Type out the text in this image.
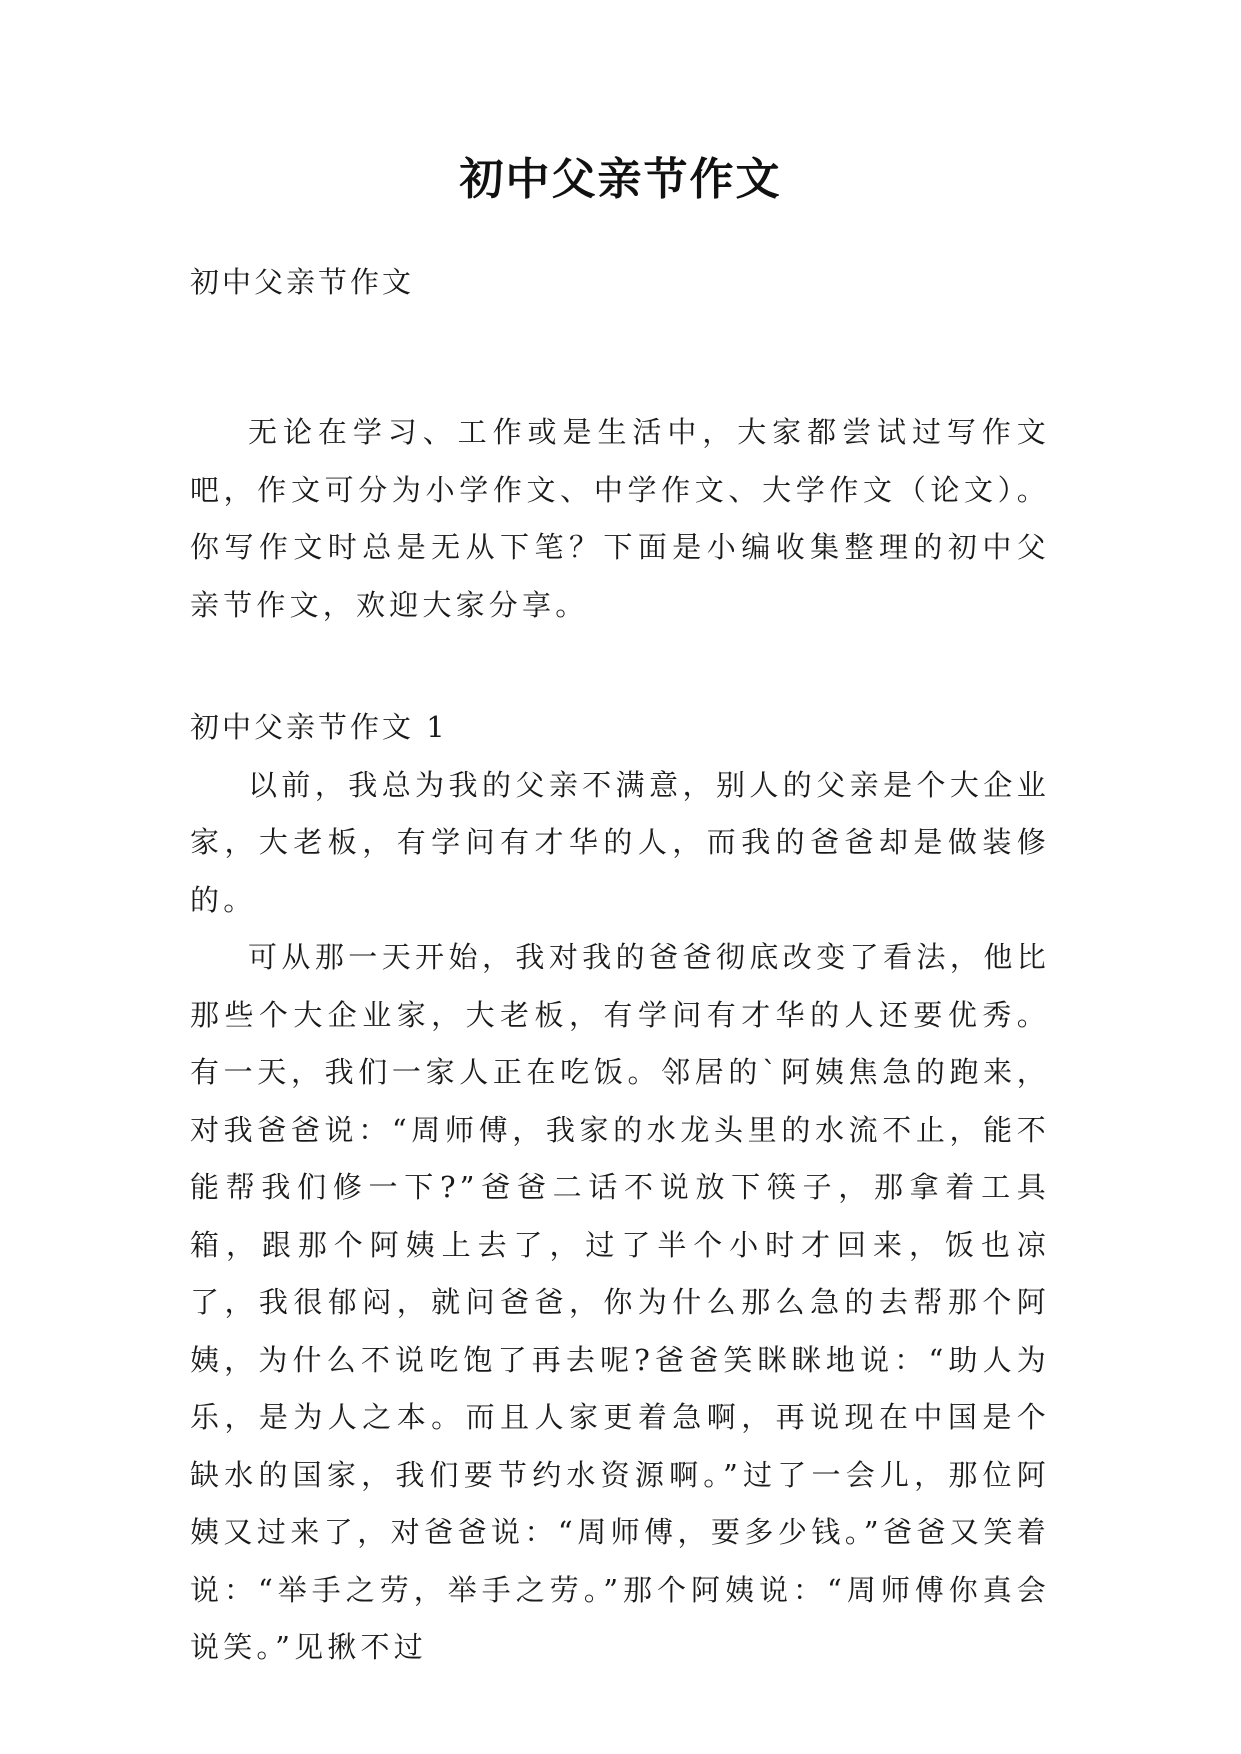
初中父亲节作文

初中父亲节作文

无论在学习、工作或是生活中，大家都尝试过写作文吧，作文可分为小学作文、中学作文、大学作文（论文）。你写作文时总是无从下笔？下面是小编收集整理的初中父亲节作文，欢迎大家分享。

初中父亲节作文 1

以前，我总为我的父亲不满意，别人的父亲是个大企业家，大老板，有学问有才华的人，而我的爸爸却是做装修的。

可从那一天开始，我对我的爸爸彻底改变了看法，他比那些个大企业家，大老板，有学问有才华的人还要优秀。有一天，我们一家人正在吃饭。邻居的`阿姨焦急的跑来，对我爸爸说：“周师傅，我家的水龙头里的水流不止，能不能帮我们修一下?”爸爸二话不说放下筷子，那拿着工具箱，跟那个阿姨上去了，过了半个小时才回来，饭也凉了，我很郁闷，就问爸爸，你为什么那么急的去帮那个阿姨，为什么不说吃饱了再去呢?爸爸笑眯眯地说：“助人为乐，是为人之本。而且人家更着急啊，再说现在中国是个缺水的国家，我们要节约水资源啊。”过了一会儿，那位阿姨又过来了，对爸爸说：“周师傅，要多少钱。”爸爸又笑着说：“举手之劳，举手之劳。”那个阿姨说：“周师傅你真会说笑。”见揪不过
